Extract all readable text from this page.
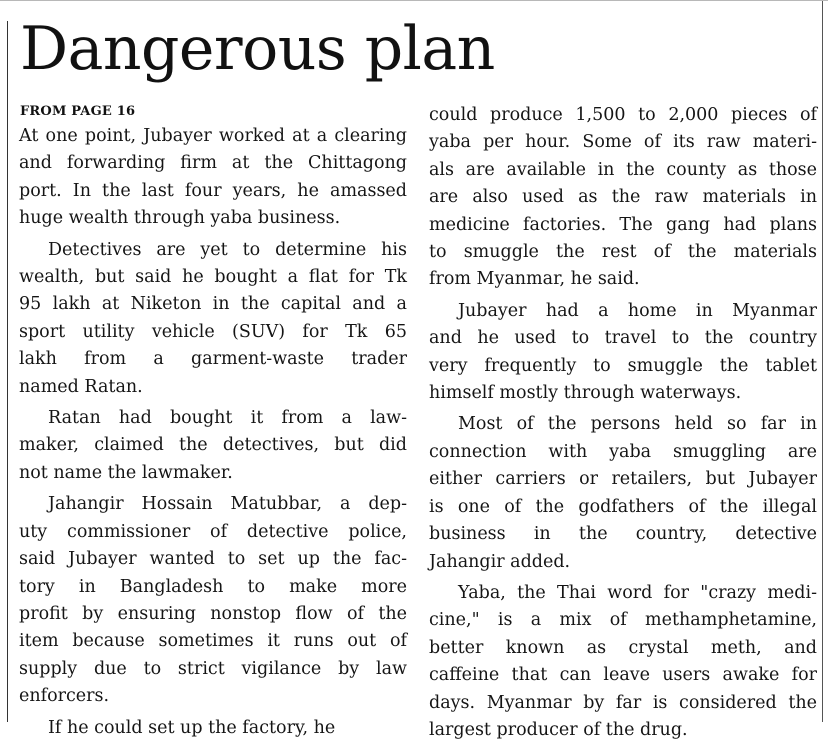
Dangerous plan
FROM PAGE 16

At one point, Jubayer worked at a clearing
and forwarding firm at the Chittagong
port. In the last four years, he amassed
huge wealth through yaba business.

Detectives are yet to determine his
wealth, but said he bought a flat for Tk
95 lakh at Niketon in the capital and a
sport utility vehicle (SUV) for Tk 65
lakh from a garment-waste trader
named Ratan.

Ratan had bought it from a law-
maker, claimed the detectives, but did
not name the lawmaker.

Jahangir Hossain Matubbar, a dep-
uty commissioner of detective police,
said Jubayer wanted to set up the fac-
tory in Bangladesh to make more
profit by ensuring nonstop flow of the
item because sometimes it runs out of
supply due to strict vigilance by law
enforcers.

If he could set up the factory, he

could produce 1,500 to 2,000 pieces of
yaba per hour. Some of its raw materi-
als are available in the county as those
are also used as the raw materials in
medicine factories. The gang had plans
to smuggle the rest of the materials
from Myanmar, he said.

Jubayer had a home in Myanmar
and he used to travel to the country
very frequently to smuggle the tablet
himself mostly through waterways.

Most of the persons held so far in
connection with yaba smuggling are
either carriers or retailers, but Jubayer
is one of the godfathers of the illegal
business in the country, detective
Jahangir added.

Yaba, the Thai word for "crazy medi-
cine," is a mix of methamphetamine,
better known as crystal meth, and
caffeine that can leave users awake for
days. Myanmar by far is considered the
largest producer of the drug.
